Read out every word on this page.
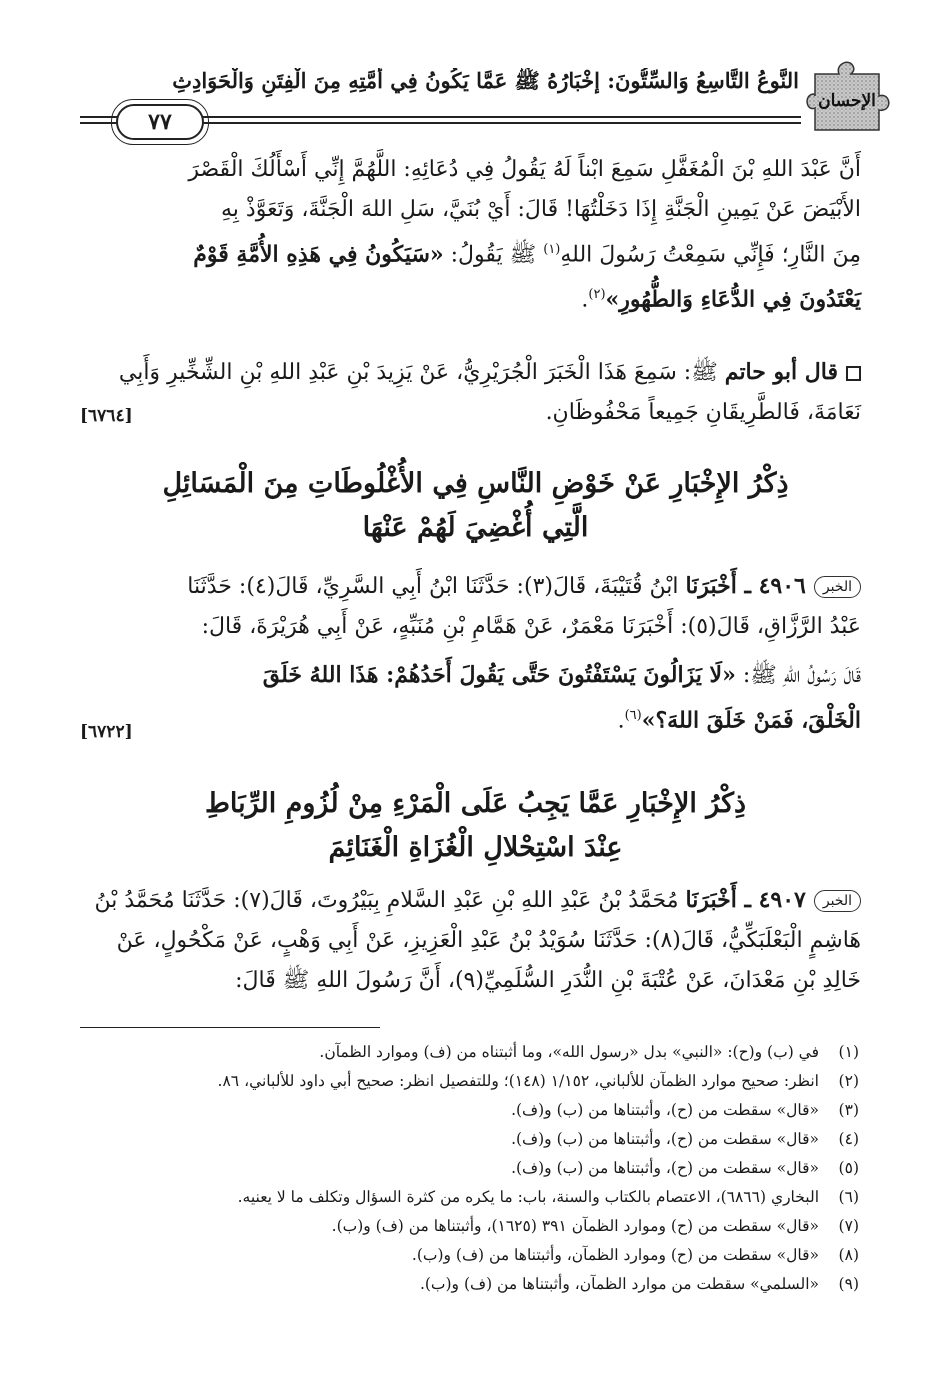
الإحسان
النَّوعُ التَّاسِعُ وَالسِّتُّونَ: إخْبَارُهُ ﷺ عَمَّا يَكُونُ فِي أُمَّتِهِ مِنَ الْفِتَنِ وَالْحَوَادِثِ
٧٧
أَنَّ عَبْدَ اللهِ بْنَ الْمُغَفَّلِ سَمِعَ ابْناً لَهُ يَقُولُ فِي دُعَائِهِ: اللَّهُمَّ إِنِّي أَسْأَلُكَ الْقَصْرَ
الأَبْيَضَ عَنْ يَمِينِ الْجَنَّةِ إِذَا دَخَلْتُهَا! قَالَ: أَيْ بُنَيَّ، سَلِ اللهَ الْجَنَّةَ، وَتَعَوَّذْ بِهِ
مِنَ النَّارِ؛ فَإِنِّي سَمِعْتُ رَسُولَ اللهِ$^{(١)}$ ﷺ يَقُولُ: «سَيَكُونُ فِي هَذِهِ الأُمَّةِ قَوْمٌ
يَعْتَدُونَ فِي الدُّعَاءِ وَالطُّهُورِ»$^{(٢)}$.
قال أبو حاتم ﷺ: سَمِعَ هَذَا الْخَبَرَ الْجُرَيْرِيُّ، عَنْ يَزِيدَ بْنِ عَبْدِ اللهِ بْنِ الشِّخِّيرِ وَأَبِي
نَعَامَةَ، فَالطَّرِيقَانِ جَمِيعاً مَحْفُوظَانِ.
[٦٧٦٤]
ذِكْرُ الإِخْبَارِ عَنْ خَوْضِ النَّاسِ فِي الأُغْلُوطَاتِ مِنَ الْمَسَائِلِ
الَّتِي أُغْضِيَ لَهُمْ عَنْهَا
الخبر٤٩٠٦ ـ أَخْبَرَنَا ابْنُ قُتَيْبَةَ، قَالَ(٣): حَدَّثَنَا ابْنُ أَبِي السَّرِيِّ، قَالَ(٤): حَدَّثَنَا
عَبْدُ الرَّزَّاقِ، قَالَ(٥): أَخْبَرَنَا مَعْمَرٌ، عَنْ هَمَّامِ بْنِ مُنَبِّهٍ، عَنْ أَبِي هُرَيْرَةَ، قَالَ:
قَالَ رَسُولُ اللهِ ﷺ: «لَا يَزَالُونَ يَسْتَفْتُونَ حَتَّى يَقُولَ أَحَدُهُمْ: هَذَا اللهُ خَلَقَ
الْخَلْقَ، فَمَنْ خَلَقَ اللهَ؟»$^{(٦)}$.
[٦٧٢٢]
ذِكْرُ الإِخْبَارِ عَمَّا يَجِبُ عَلَى الْمَرْءِ مِنْ لُزُومِ الرِّبَاطِ
عِنْدَ اسْتِحْلالِ الْغُزَاةِ الْغَنَائِمَ
الخبر٤٩٠٧ ـ أَخْبَرَنَا مُحَمَّدُ بْنُ عَبْدِ اللهِ بْنِ عَبْدِ السَّلامِ بِبَيْرُوتَ، قَالَ(٧): حَدَّثَنَا مُحَمَّدُ بْنُ
هَاشِمٍ الْبَعْلَبَكِّيُّ، قَالَ(٨): حَدَّثَنَا سُوَيْدُ بْنُ عَبْدِ الْعَزِيزِ، عَنْ أَبِي وَهْبٍ، عَنْ مَكْحُولٍ، عَنْ
خَالِدِ بْنِ مَعْدَانَ، عَنْ عُتْبَةَ بْنِ النُّدَرِ السُّلَمِيِّ(٩)، أَنَّ رَسُولَ اللهِ ﷺ قَالَ:
(١)في (ب) و(ح): «النبي» بدل «رسول الله»، وما أثبتناه من (ف) وموارد الظمآن.
(٢)انظر: صحيح موارد الظمآن للألباني، ١/١٥٢ (١٤٨)؛ وللتفصيل انظر: صحيح أبي داود للألباني، ٨٦.
(٣)«قال» سقطت من (ح)، وأثبتناها من (ب) و(ف).
(٤)«قال» سقطت من (ح)، وأثبتناها من (ب) و(ف).
(٥)«قال» سقطت من (ح)، وأثبتناها من (ب) و(ف).
(٦)البخاري (٦٨٦٦)، الاعتصام بالكتاب والسنة، باب: ما يكره من كثرة السؤال وتكلف ما لا يعنيه.
(٧)«قال» سقطت من (ح) وموارد الظمآن ٣٩١ (١٦٢٥)، وأثبتناها من (ف) و(ب).
(٨)«قال» سقطت من (ح) وموارد الظمآن، وأثبتناها من (ف) و(ب).
(٩)«السلمي» سقطت من موارد الظمآن، وأثبتناها من (ف) و(ب).
